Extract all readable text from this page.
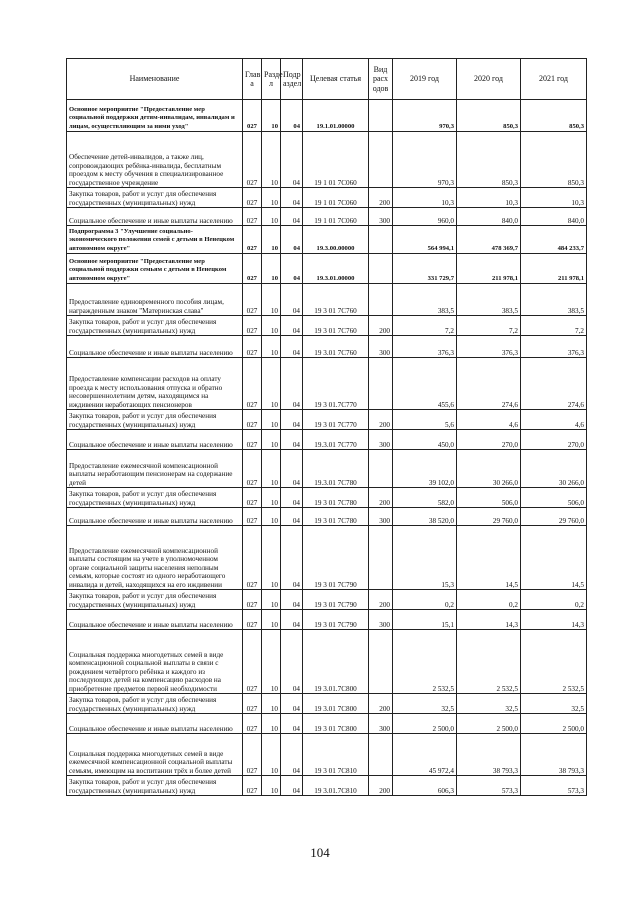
Наименование	Глав а	Разде л	Подр аздел	Целевая статья	Вид расх одов	2019 год	2020 год	2021 год
Основное мероприятие "Предоставление мер социальной поддержки детям-инвалидам, инвалидам и лицам, осуществляющим за ними уход"	027	10	04	19.1.01.00000		970,3	850,3	850,3
Обеспечение детей-инвалидов, а также лиц, сопровождающих ребёнка-инвалида, бесплатным проездом к месту обучения в специализированное государственное учреждение	027	10	04	19 1 01 7С060		970,3	850,3	850,3
Закупка товаров, работ и услуг для обеспечения государственных (муниципальных) нужд	027	10	04	19 1 01 7С060	200	10,3	10,3	10,3
Социальное обеспечение и иные выплаты населению	027	10	04	19 1 01 7С060	300	960,0	840,0	840,0
Подпрограмма 3 "Улучшение социально-экономического положения семей с детьми в Ненецком автономном округе"	027	10	04	19.3.00.00000		564 994,1	478 369,7	484 233,7
Основное мероприятие "Предоставление мер социальной поддержки семьям с детьми в Ненецком автономном округе"	027	10	04	19.3.01.00000		331 729,7	211 978,1	211 978,1
Предоставление единовременного пособия лицам, награжденным знаком "Материнская слава"	027	10	04	19 3 01 7С760		383,5	383,5	383,5
Закупка товаров, работ и услуг для обеспечения государственных (муниципальных) нужд	027	10	04	19 3 01 7С760	200	7,2	7,2	7,2
Социальное обеспечение и иные выплаты населению	027	10	04	19 3.01 7С760	300	376,3	376,3	376,3
Предоставление компенсации расходов на оплату проезда к месту использования отпуска и обратно несовершеннолетним детям, находящимся на иждивении неработающих пенсионеров	027	10	04	19 3 01.7С770		455,6	274,6	274,6
Закупка товаров, работ и услуг для обеспечения государственных (муниципальных) нужд	027	10	04	19 3 01 7С770	200	5,6	4,6	4,6
Социальное обеспечение и иные выплаты населению	027	10	04	19.3.01 7С770	300	450,0	270,0	270,0
Предоставление ежемесячной компенсационной выплаты неработающим пенсионерам на содержание детей	027	10	04	19.3.01 7С780		39 102,0	30 266,0	30 266,0
Закупка товаров, работ и услуг для обеспечения государственных (муниципальных) нужд	027	10	04	19 3 01 7С780	200	582,0	506,0	506,0
Социальное обеспечение и иные выплаты населению	027	10	04	19 3 01 7С780	300	38 520,0	29 760,0	29 760,0
Предоставление ежемесячной компенсационной выплаты состоящим на учете в уполномоченном органе социальной защиты населения неполным семьям, которые состоят из одного неработающего инвалида и детей, находящихся на его иждивении	027	10	04	19 3 01 7С790		15,3	14,5	14,5
Закупка товаров, работ и услуг для обеспечения государственных (муниципальных) нужд	027	10	04	19 3 01 7С790	200	0,2	0,2	0,2
Социальное обеспечение и иные выплаты населению	027	10	04	19 3 01 7С790	300	15,1	14,3	14,3
Социальная поддержка многодетных семей в виде компенсационной социальной выплаты в связи с рождением четвёртого ребёнка и каждого из последующих детей на компенсацию расходов на приобретение предметов первой необходимости	027	10	04	19 3.01.7С800		2 532,5	2 532,5	2 532,5
Закупка товаров, работ и услуг для обеспечения государственных (муниципальных) нужд	027	10	04	19 3.01 7С800	200	32,5	32,5	32,5
Социальное обеспечение и иные выплаты населению	027	10	04	19 3 01 7С800	300	2 500,0	2 500,0	2 500,0
Социальная поддержка многодетных семей в виде ежемесячной компенсационной социальной выплаты семьям, имеющим на воспитании трёх и более детей	027	10	04	19 3 01 7С810		45 972,4	38 793,3	38 793,3
Закупка товаров, работ и услуг для обеспечения государственных (муниципальных) нужд	027	10	04	19 3.01.7С810	200	606,3	573,3	573,3
104
